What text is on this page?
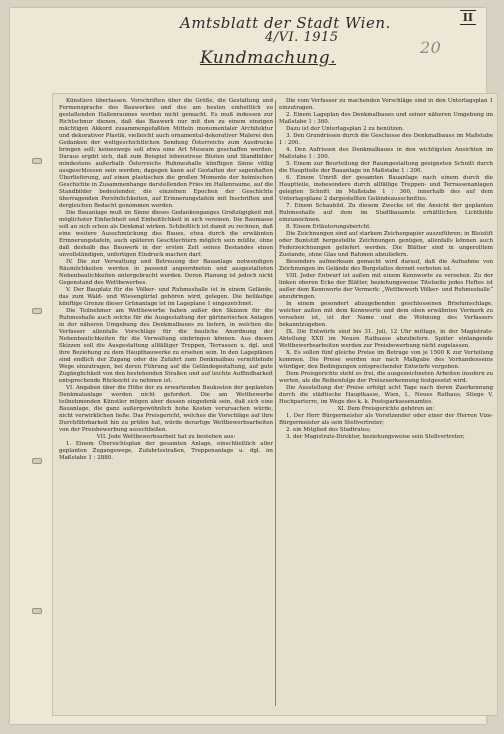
II
Amtsblatt der Stadt Wien.
4/VI. 1915
Kundmachung.
20

Künstlers überlassen. Vorschriften über die Größe, die Gestaltung und Formensprache des Bauwerkes und des am besten einheitlich zu gestaltenden Hallenraumes werden nicht gemacht. Es muß indessen zur Richtschnur dienen, daß das Bauwerk nur mit den zu einem einzigen mächtigen Akkord zusammengefaßten Mitteln monumentaler Architektur und dekorativer Plastik, vielleicht auch ornamental-dekorativer Malerei den Gedanken der weltgeschichtlichen Sendung Österreichs zum Ausdrucke bringen soll; keineswegs soll etwa eine Art Museum geschaffen werden. Daraus ergibt sich, daß zum Beispiel lebenstreue Büsten und Standbilder mindestens außerhalb Österreichs Ruhmeshalle künftigen Sinne völlig ausgeschlossen sein werden; dagegen kann auf Gestalten der sagenhaften Überlieferung, auf einen plastischen die großen Momente der heimischen Geschichte in Zusammenhange darstellenden Fries im Hallenraume, auf die Standbilder bedeutender, die einzelnen Epochen der Geschichte überragenden Persönlichkeiten, auf Erinnerungstafeln mit Inschriften und dergleichen Bedacht genommen werden.

Die Bauanlage muß im Sinne dieses Gedankenganges Großzügigkeit mit möglichster Einfachheit und Einheitlichkeit in sich vereinen. Die Baumasse soll an sich schon als Denkmal wirken. Schließlich ist damit zu rechnen, daß eine weitere Ausschmückung des Baues, etwa durch die erwähnten Erinnerungstafeln, auch späteren Geschlechtern möglich sein müßte, ohne daß deshalb das Bauwerk in der ersten Zeit seines Bestandes einen unvollständigen, unfertigen Eindruck machen darf.

IV. Die zur Verwaltung und Betreuung der Bauanlage notwendigen Räumlichkeiten werden in passend angeordneten und ausgestalteten Nebenbaulichkeiten untergebracht werden. Deren Planung ist jedoch nicht Gegenstand des Wettbewerbes.

V. Der Bauplatz für die Völker- und Ruhmeshalle ist in einem Gelände, das zum Wald- und Wiesengürtel gehören wird, gelegen. Die beiläufige künftige Grenze dieser Grünanlage ist im Lageplane 1 eingezeichnet.

Die Teilnehmer am Wettbewerbe haben außer den Skizzen für die Ruhmeshalle auch solche für die Ausgestaltung der gärtnerischen Anlagen in der näheren Umgebung des Denkmalbaues zu liefern, in welchen die Verfasser allenfalls Vorschläge für die bauliche Anordnung der Nebenbaulichkeiten für die Verwaltung einbringen können. Aus diesen Skizzen soll die Ausgestaltung allfälliger Treppen, Terrassen u. dgl. und ihre Beziehung zu dem Hauptbauwerke zu ersehen sein. In den Lageplänen sind endlich der Zugang oder die Zufahrt zum Denkmalbau vermittelnde Wege einzutragen, bei deren Führung auf die Geländegestaltung, auf gute Zugänglichkeit von den bestehenden Straßen und auf leichte Auffindbarkeit entsprechende Rücksicht zu nehmen ist.

VI. Angaben über die Höhe der zu erwartenden Baukosten der geplanten Denkmalanlage werden nicht gefordert. Die am Wettbewerbe teilnehmenden Künstler mögen aber dessen eingedenk sein, daß sich eine Bauanlage, die ganz außergewöhnlich hohe Kosten verursachen würde, nicht verwirklichen ließe. Das Preisgericht, welches die Vorschläge auf ihre Durchführbarkeit hin zu prüfen hat, würde derartige Wettbewerbsarbeiten von der Preisbewerbung ausschließen.

VII. Jede Wettbewerbsarbeit hat zu bestehen aus:

1. Einem Übersichtsplan der gesamten Anlage, einschließlich aller geplanten Zugangswege, Zufahrtsstraßen, Treppenanlage u. dgl. im Maßstabe 1 : 2880.

Die vom Verfasser zu machenden Vorschläge sind in den Unterlagsplan 1 einzutragen.

2. Einem Lageplan des Denkmalbaues und seiner näheren Umgebung im Maßstabe 1 : 360.

Dazu ist der Unterlagsplan 2 zu benützen.

3. Den Grundrissen durch die Geschosse des Denkmalbaues im Maßstabe 1 : 200.

4. Den Aufrissen des Denkmalbaues in den wichtigsten Ansichten im Maßstabe 1 : 200.

5. Einem zur Beurteilung der Raumgestaltung geeigneten Schnitt durch die Hauptteile der Bauanlage im Maßstabe 1 : 200.

6. Einem Umriß der gesamten Bauanlage nach einem durch die Hauptteile, insbesondere durch allfällige Treppen- und Terrassenanlagen gelegten Schnitt im Maßstabe 1 : 360, innerhalb des auf dem Unterlagsplane 2 dargestellten Geländeausschnittes.

7. Einem Schaubild. Zu diesem Zwecke ist die Ansicht der geplanten Ruhmeshalle auf dem im Stadtbauamte erhältlichen Lichtbilde einzuzeichnen.

8. Einem Erläuterungsbericht.

Die Zeichnungen sind auf starkem Zeichenpapier auszuführen; in Bleistift oder Buntstift hergestellte Zeichnungen genügen, allenfalls können auch Federzeichnungen geliefert werden. Die Blätter sind in ungerolltem Zustande, ohne Glas und Rahmen abzuliefern.

Besonders aufmerksam gemacht wird darauf, daß die Aufnahme von Zeichnungen im Gelände des Burgstalles derzeit verboten ist.

VIII. Jeder Entwurf ist außen mit einem Kennworte zu versehen. Zu der linken oberen Ecke der Blätter, beziehungsweise Titelseite jedes Heftes ist außer dem Kennworte der Vermerk: „Wettbewerb Völker- und Ruhmeshalle“ anzubringen.

In einem gesondert abzugebenden geschlossenen Briefumschlage, welcher außen mit dem Kennworte und dem oben erwähnten Vermerk zu versehen ist, ist der Name und die Wohnung des Verfassers bekanntzugeben.

IX. Die Entwürfe sind bis 31. Juli, 12 Uhr mittags, in der Magistrats-Abteilung XXII im Neuen Rathause abzuliefern. Später einlangende Wettbewerbsarbeiten werden zur Preisbewerbung nicht zugelassen.

X. Es sollen fünf gleiche Preise im Betrage von je 1500 K zur Verteilung kommen. Die Preise werden nur nach Maßgabe des Vorhandenseins würdiger, den Bedingungen entsprechender Entwürfe vergeben.

Dem Preisgerichte steht es frei, die ausgezeichneten Arbeiten insofern zu werten, als die Reihenfolge der Preiszuerkennung festgesetzt wird.

Die Ausstellung der Preise erfolgt acht Tage nach deren Zuerkennung durch die städtische Hauptkasse, Wien, I., Neues Rathaus, Stiege V, Hochparterre, im Wege des k. k. Postsparkassenamtes.

XI. Dem Preisgerichte gehören an:

1. Der Herr Bürgermeister als Vorsitzender oder einer der Herren Vize-Bürgermeister als sein Stellvertreter;

2. ein Mitglied des Stadtrates;

3. der Magistrats-Direktor, beziehungsweise sein Stellvertreter;
